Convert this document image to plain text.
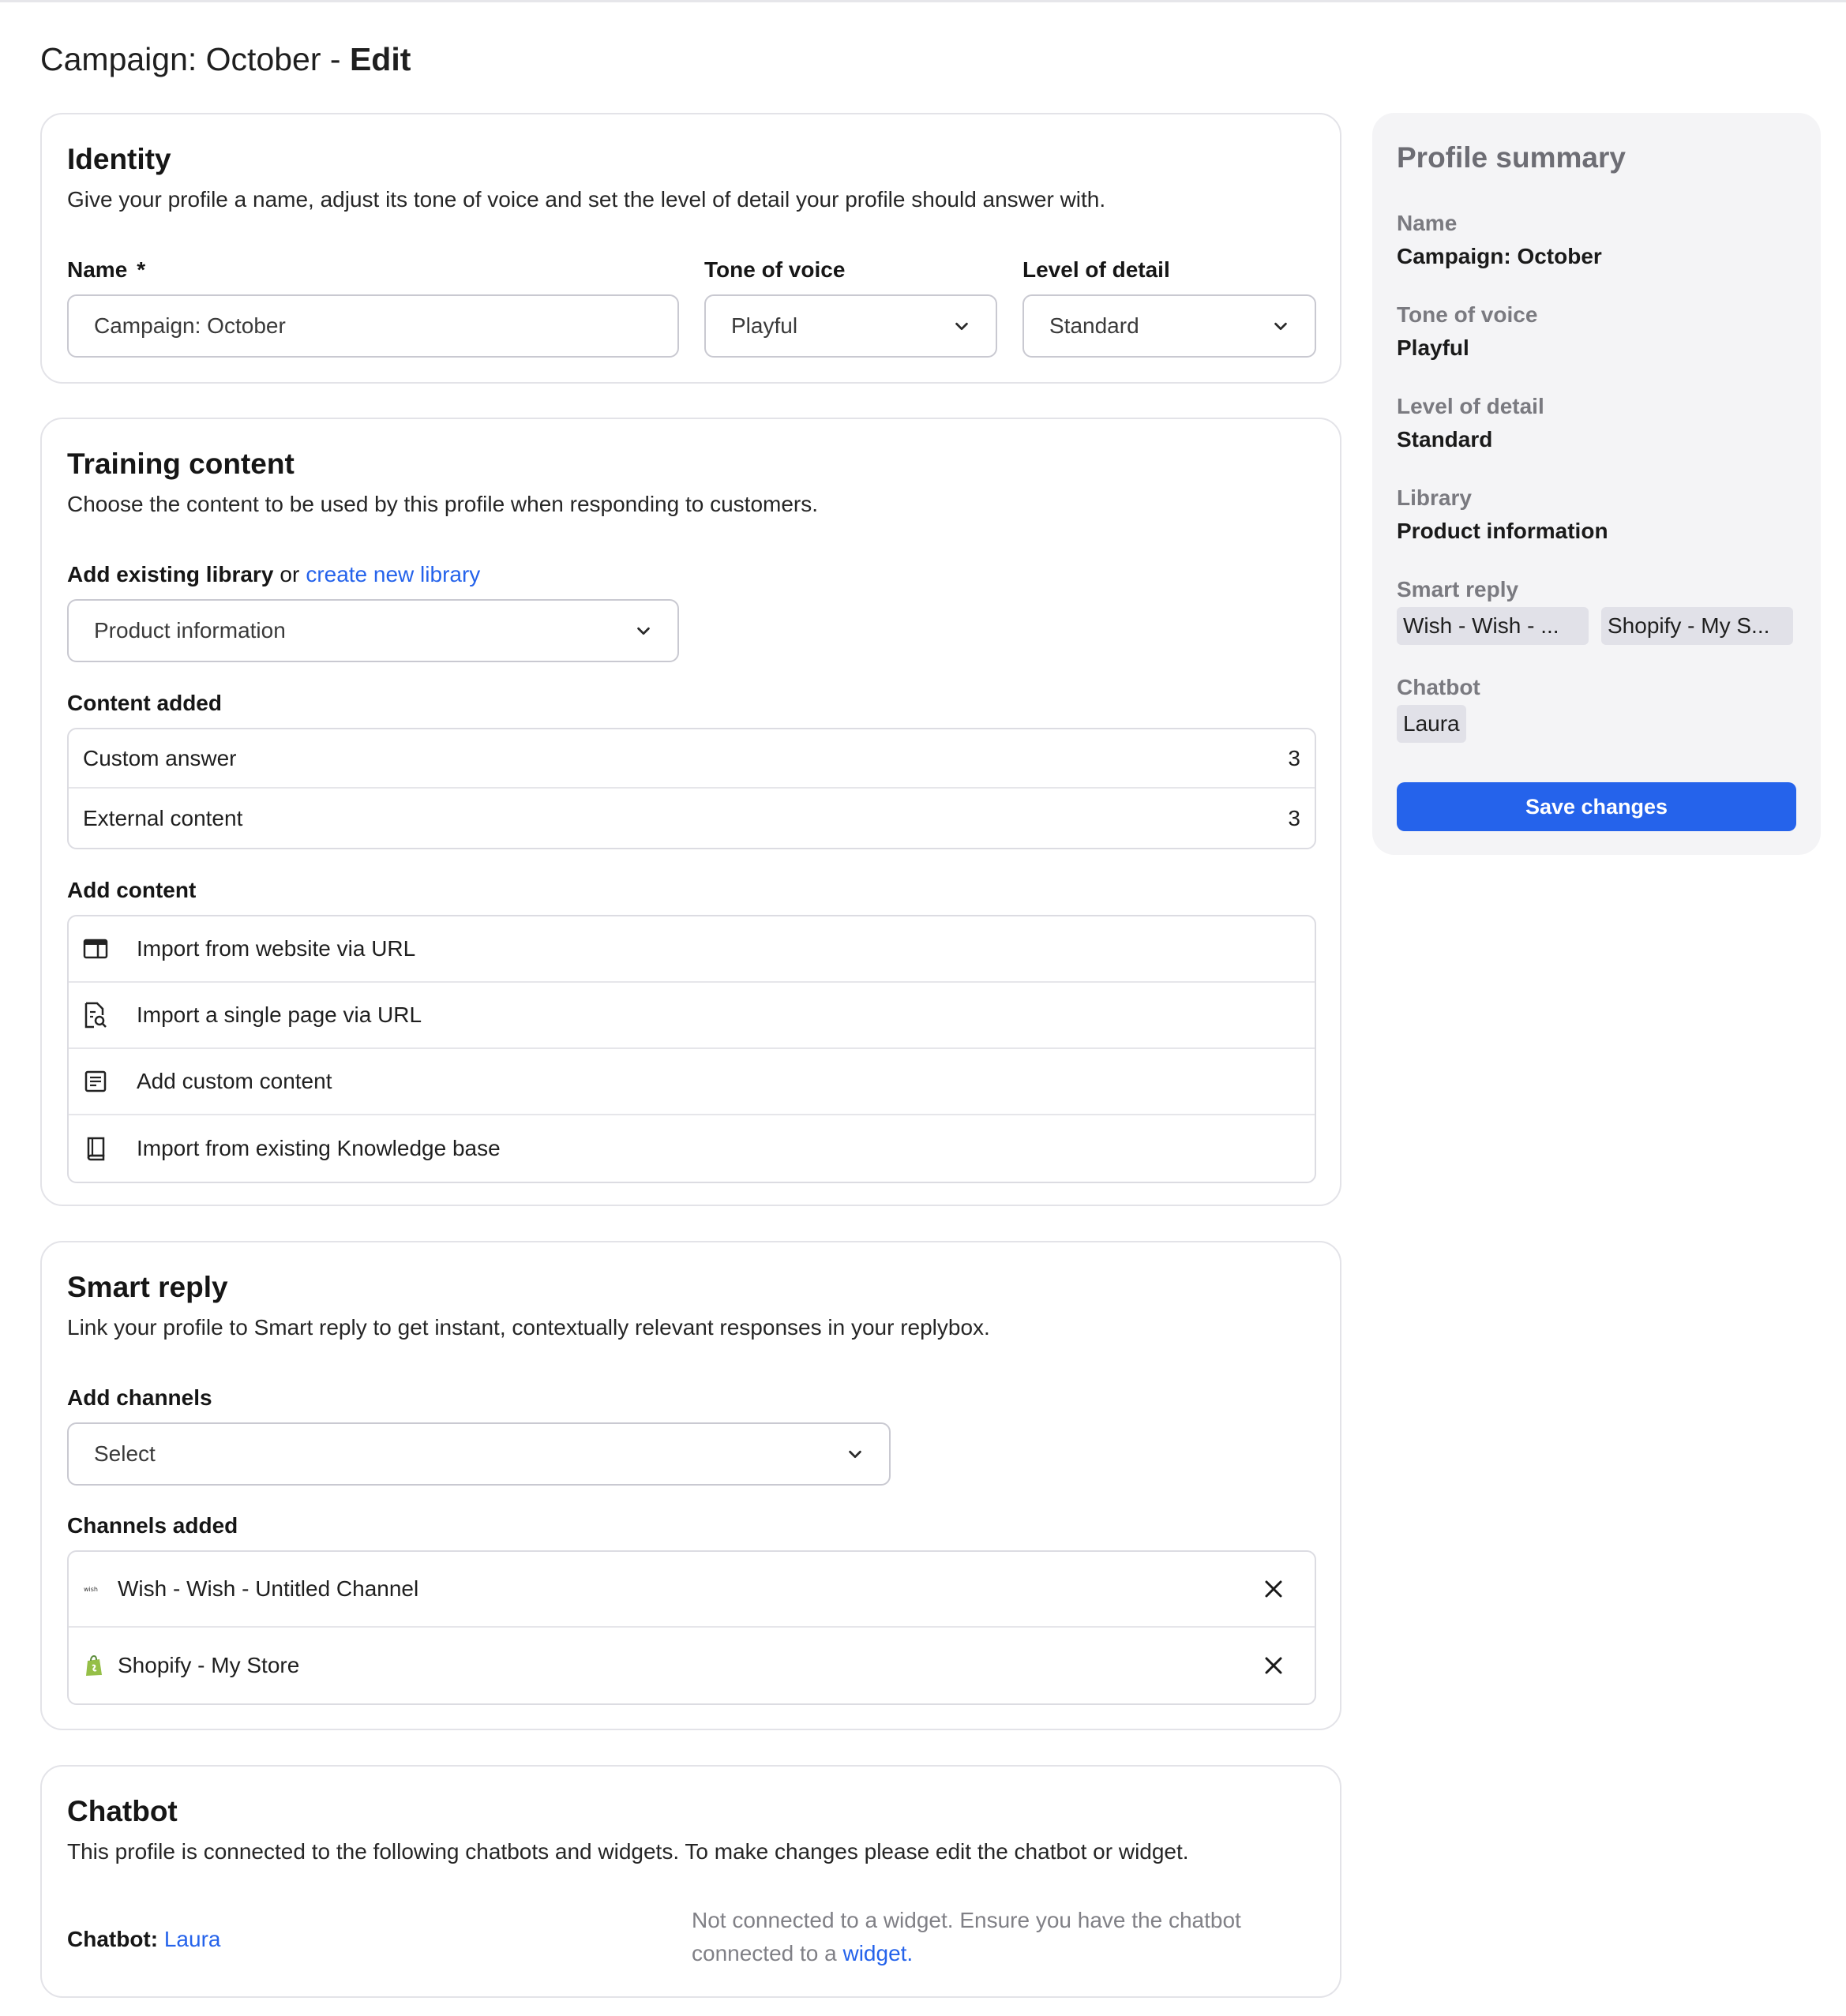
Campaign: October - Edit
Identity
Give your profile a name, adjust its tone of voice and set the level of detail your profile should answer with.
Name *
Campaign: October
Tone of voice
Playful
Level of detail
Standard
Training content
Choose the content to be used by this profile when responding to customers.
Add existing library or create new library
Product information
Content added
Custom answer	3
External content	3
Add content
Import from website via URL
Import a single page via URL
Add custom content
Import from existing Knowledge base
Smart reply
Link your profile to Smart reply to get instant, contextually relevant responses in your replybox.
Add channels
Select
Channels added
wish Wish - Wish - Untitled Channel
Shopify - My Store
Chatbot
This profile is connected to the following chatbots and widgets. To make changes please edit the chatbot or widget.
Chatbot: Laura
Not connected to a widget. Ensure you have the chatbot
connected to a widget.
Profile summary
Name
Campaign: October
Tone of voice
Playful
Level of detail
Standard
Library
Product information
Smart reply
Wish - Wish - ...	Shopify - My S...
Chatbot
Laura
Save changes
